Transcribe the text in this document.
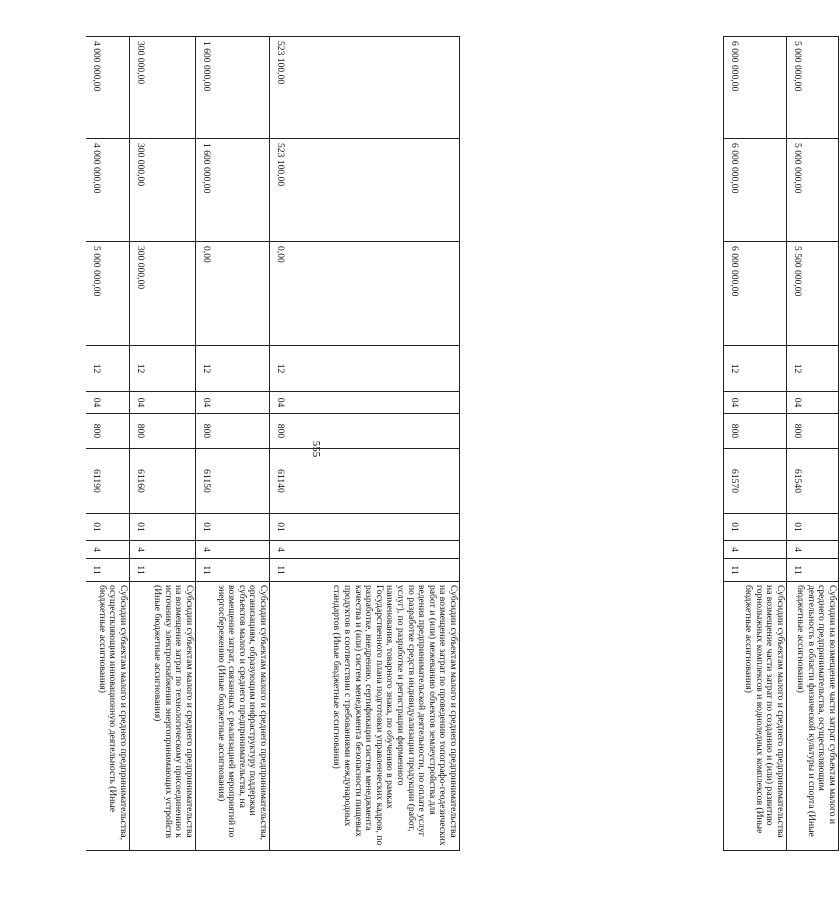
555
Субсидии субъектам малого и среднего предпринимательства на возмещение затрат по проведению топографо-геодезических работ и (или) межеванию объектов землеустройства для ведения предпринимательской деятельности, по оплате услуг по разработке средств индивидуализации продукции (работ, услуг), по разработке и регистрации фирменного наименования, товарного знака, по обучению в рамках Государственного плана подготовки управленческих кадров, по разработке, внедрению, сертификации систем менеджмента качества и (или) систем менеджмента безопасности пищевых продуктов в соответствии с требованиями международных стандартов (Иные бюджетные ассигнования)
11
4
01
61140
800
04
12
0,00
523 100,00
523 100,00
Субсидии субъектам малого и среднего предпринимательства, организациям, образующим инфраструктуру поддержки субъектов малого и среднего предпринимательства, на возмещение затрат, связанных с реализацией мероприятий по энергосбережению (Иные бюджетные ассигнования)
11
4
01
61150
800
04
12
0,00
1 600 000,00
1 600 000,00
Субсидии субъектам малого и среднего предпринимательства на возмещение затрат по технологическому присоединению к источнику электроснабжения энергопринимающих устройств (Иные бюджетные ассигнования)
11
4
01
61160
800
04
12
300 000,00
300 000,00
300 000,00
Субсидии субъектам малого и среднего предпринимательства, осуществляющим инновационную деятельность (Иные бюджетные ассигнования)
11
4
01
61190
800
04
12
5 000 000,00
4 000 000,00
4 000 000,00
Субсидии на возмещение части затрат субъектам малого и среднего предпринимательства, осуществляющим деятельность в области физической культуры и спорта (Иные бюджетные ассигнования)
11
4
01
61540
800
04
12
5 500 000,00
5 000 000,00
5 000 000,00
Субсидии субъектам малого и среднего предпринимательства на возмещение части затрат по созданию и (или) развитию горнолыжных комплексов и водноледных комплексов (Иные бюджетные ассигнования)
11
4
01
61570
800
04
12
6 000 000,00
6 000 000,00
6 000 000,00
